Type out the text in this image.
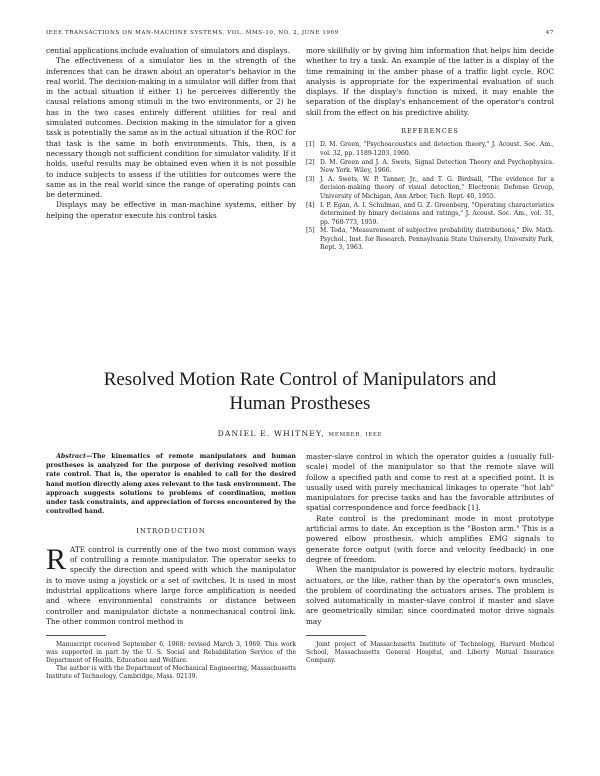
IEEE TRANSACTIONS ON MAN-MACHINE SYSTEMS, VOL. MMS-10, NO. 2, JUNE 1969	47

cential applications include evaluation of simulators and displays.

The effectiveness of a simulator lies in the strength of the inferences that can be drawn about an operator's behavior in the real world. The decision-making in a simulator will differ from that in the actual situation if either 1) he perceives differently the causal relations among stimuli in the two environments, or 2) he has in the two cases entirely different utilities for real and simulated outcomes. Decision making in the simulator for a given task is potentially the same as in the actual situation if the ROC for that task is the same in both environments. This, then, is a necessary though not sufficient condition for simulator validity. If it holds, useful results may be obtained even when it is not possible to induce subjects to assess if the utilities for outcomes were the same as in the real world since the range of operating points can be determined.

Displays may be effective in man-machine systems, either by helping the operator execute his control tasks

more skillfully or by giving him information that helps him decide whether to try a task. An example of the latter is a display of the time remaining in the amber phase of a traffic light cycle. ROC analysis is appropriate for the experimental evaluation of such displays. If the display's function is mixed, it may enable the separation of the display's enhancement of the operator's control skill from the effect on his predictive ability.

REFERENCES
[1] D. M. Green, "Psychoacoustics and detection theory," J. Acoust. Soc. Am., vol. 32, pp. 1189-1203, 1960.
[2] D. M. Green and J. A. Swets, Signal Detection Theory and Psychophysics. New York: Wiley, 1966.
[3] J. A. Swets, W. P. Tanner, Jr., and T. G. Birdsall, "The evidence for a decision-making theory of visual detection," Electronic Defense Group, University of Michigan, Ann Arbor, Tech. Rept. 40, 1955.
[4] I. P. Egan, A. I. Schulman, and G. Z. Greenberg, "Operating characteristics determined by binary decisions and ratings," J. Acoust. Soc. Am., vol. 31, pp. 768-773, 1959.
[5] M. Toda, "Measurement of subjective probability distributions," Div. Math. Psychol., Inst. for Research, Pennsylvania State University, University Park, Rept. 3, 1963.
Resolved Motion Rate Control of Manipulators and
Human Prostheses
DANIEL E. WHITNEY, MEMBER, IEEE

Abstract—The kinematics of remote manipulators and human prostheses is analyzed for the purpose of deriving resolved motion rate control. That is, the operator is enabled to call for the desired hand motion directly along axes relevant to the task environment. The approach suggests solutions to problems of coordination, motion under task constraints, and appreciation of forces encountered by the controlled hand.

INTRODUCTION

RATE control is currently one of the two most common ways of controlling a remote manipulator. The operator seeks to specify the direction and speed with which the manipulator is to move using a joystick or a set of switches. It is used in most industrial applications where large force amplification is needed and where environmental constraints or distance between controller and manipulator dictate a nonmechanical control link. The other common control method is

Manuscript received September 6, 1968; revised March 3, 1969. This work was supported in part by the U. S. Social and Rehabilitation Service of the Department of Health, Education and Welfare.

The author is with the Department of Mechanical Engineering, Massachusetts Institute of Technology, Cambridge, Mass. 02139.

master-slave control in which the operator guides a (usually full-scale) model of the manipulator so that the remote slave will follow a specified path and come to rest at a specified point. It is usually used with purely mechanical linkages to operate "hot lab" manipulators for precise tasks and has the favorable attributes of spatial correspondence and force feedback [1].

Rate control is the predominant mode in most prototype artificial arms to date. An exception is the "Boston arm." This is a powered elbow prosthesis, which amplifies EMG signals to generate force output (with force and velocity feedback) in one degree of freedom.

When the manipulator is powered by electric motors, hydraulic actuators, or the like, rather than by the operator's own muscles, the problem of coordinating the actuators arises. The problem is solved automatically in master-slave control if master and slave are geometrically similar, since coordinated motor drive signals may

Joint project of Massachusetts Institute of Technology, Harvard Medical School, Massachusetts General Hospital, and Liberty Mutual Insurance Company.
